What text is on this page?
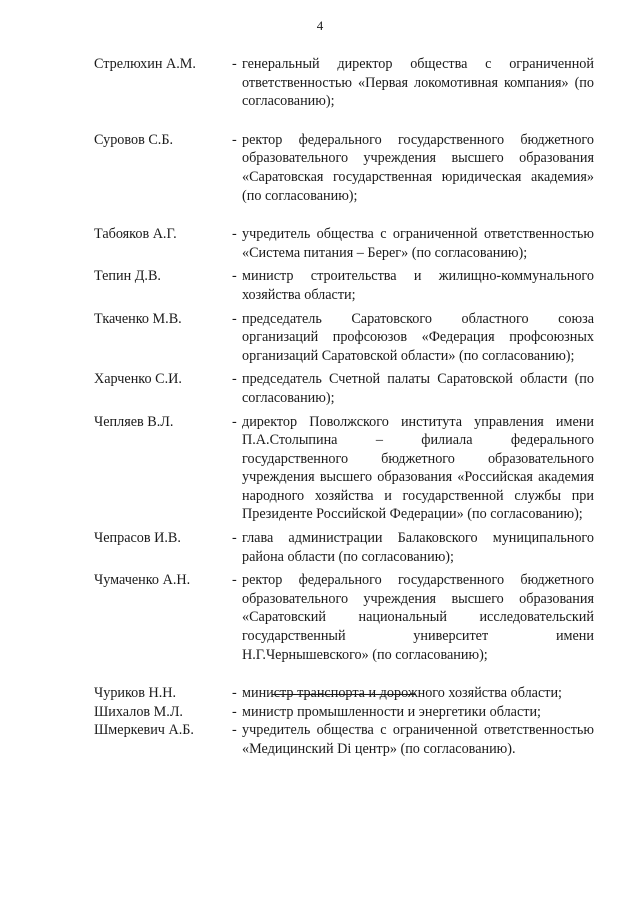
4
Стрелюхин А.М.	- генеральный директор общества с ограниченной ответственностью «Первая локомотивная компания» (по согласованию);
Суровов С.Б.	- ректор федерального государственного бюджетного образовательного учреждения высшего образования «Саратовская государственная юридическая академия» (по согласованию);
Табояков А.Г.	- учредитель общества с ограниченной ответственностью «Система питания – Берег» (по согласованию);
Тепин Д.В.	- министр строительства и жилищно-коммунального хозяйства области;
Ткаченко М.В.	- председатель Саратовского областного союза организаций профсоюзов «Федерация профсоюзных организаций Саратовской области» (по согласованию);
Харченко С.И.	- председатель Счетной палаты Саратовской области (по согласованию);
Чепляев В.Л.	- директор Поволжского института управления имени П.А.Столыпина – филиала федерального государственного бюджетного образовательного учреждения высшего образования «Российская академия народного хозяйства и государственной службы при Президенте Российской Федерации» (по согласованию);
Чепрасов И.В.	- глава администрации Балаковского муниципального района области (по согласованию);
Чумаченко А.Н.	- ректор федерального государственного бюджетного образовательного учреждения высшего образования «Саратовский национальный исследовательский государственный университет имени Н.Г.Чернышевского» (по согласованию);
Чуриков Н.Н.	- министр транспорта и дорожного хозяйства области;
Шихалов М.Л.	- министр промышленности и энергетики области;
Шмеркевич А.Б.	- учредитель общества с ограниченной ответственностью «Медицинский Di центр» (по согласованию).
